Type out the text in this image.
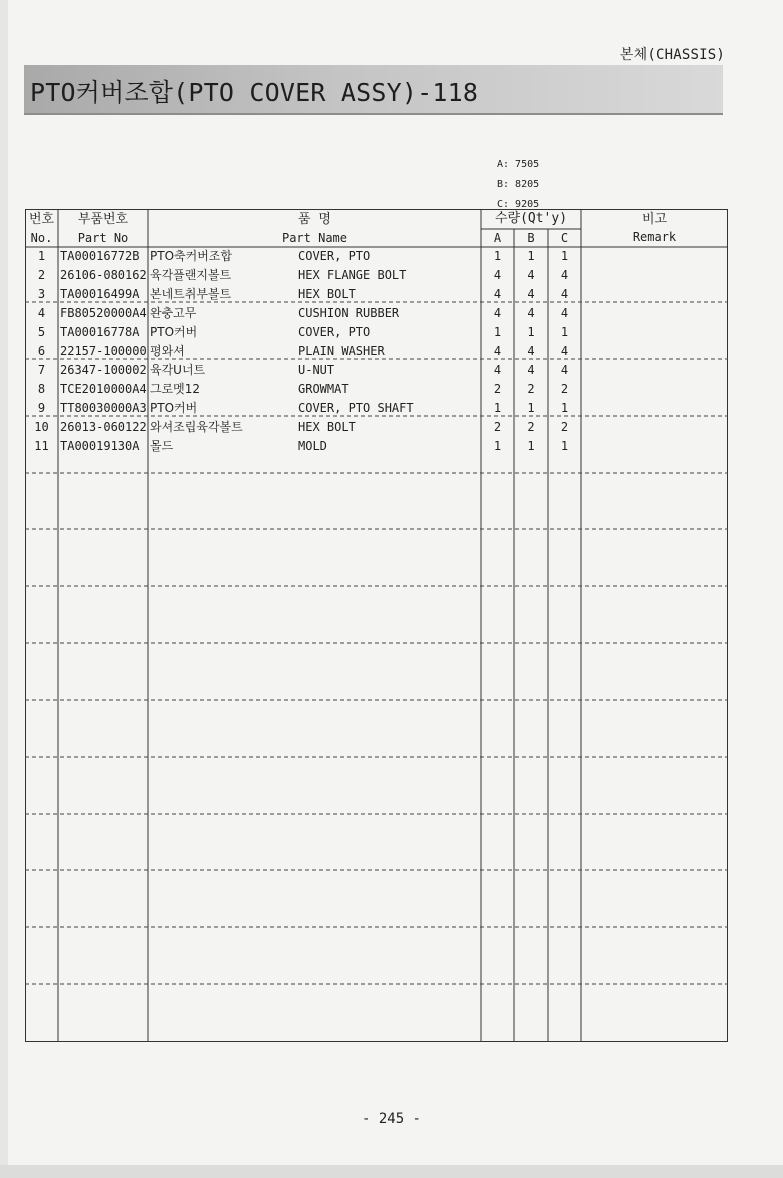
본체(CHASSIS)
PTO커버조합(PTO COVER ASSY)-118
A: 7505
B: 8205
C: 9205
번호	부품번호	품 명	수량(Qt'y)	비고
No.	Part No	Part Name	A	B	C	Remark
1	TA00016772B PTO축커버조합	COVER, PTO	1	1	1
2	26106-080162 육각플랜지볼트	HEX FLANGE BOLT	4	4	4
3	TA00016499A 본네트취부볼트	HEX BOLT	4	4	4
4	FB80520000A4 완충고무	CUSHION RUBBER	4	4	4
5	TA00016778A PTO커버	COVER, PTO	1	1	1
6	22157-100000 평와셔	PLAIN WASHER	4	4	4
7	26347-100002 육각U너트	U-NUT	4	4	4
8	TCE2010000A4 그로멧12	GROWMAT	2	2	2
9	TT80030000A3 PTO커버	COVER, PTO SHAFT	1	1	1
10 26013-060122 와셔조립육각볼트	HEX BOLT	2	2	2
11 TA00019130A 몰드	MOLD	1	1	1
- 245 -
